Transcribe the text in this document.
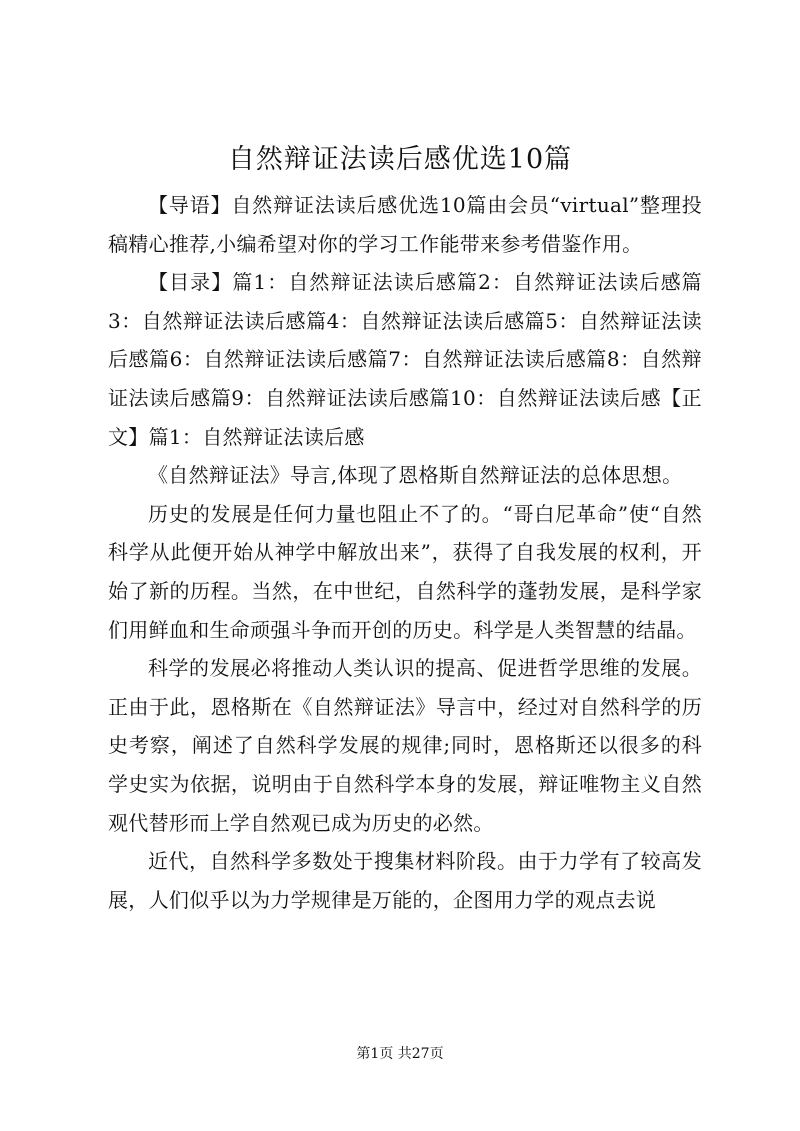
自然辩证法读后感优选10篇

【导语】自然辩证法读后感优选10篇由会员“virtual”整理投稿精心推荐,小编希望对你的学习工作能带来参考借鉴作用。

【目录】篇1：自然辩证法读后感篇2：自然辩证法读后感篇3：自然辩证法读后感篇4：自然辩证法读后感篇5：自然辩证法读后感篇6：自然辩证法读后感篇7：自然辩证法读后感篇8：自然辩证法读后感篇9：自然辩证法读后感篇10：自然辩证法读后感【正文】篇1：自然辩证法读后感

《自然辩证法》导言,体现了恩格斯自然辩证法的总体思想。

历史的发展是任何力量也阻止不了的。“哥白尼革命”使“自然科学从此便开始从神学中解放出来”，获得了自我发展的权利，开始了新的历程。当然，在中世纪，自然科学的蓬勃发展，是科学家们用鲜血和生命顽强斗争而开创的历史。科学是人类智慧的结晶。

科学的发展必将推动人类认识的提高、促进哲学思维的发展。正由于此，恩格斯在《自然辩证法》导言中，经过对自然科学的历史考察，阐述了自然科学发展的规律;同时，恩格斯还以很多的科学史实为依据，说明由于自然科学本身的发展，辩证唯物主义自然观代替形而上学自然观已成为历史的必然。

近代，自然科学多数处于搜集材料阶段。由于力学有了较高发展，人们似乎以为力学规律是万能的，企图用力学的观点去说

第1页 共27页
